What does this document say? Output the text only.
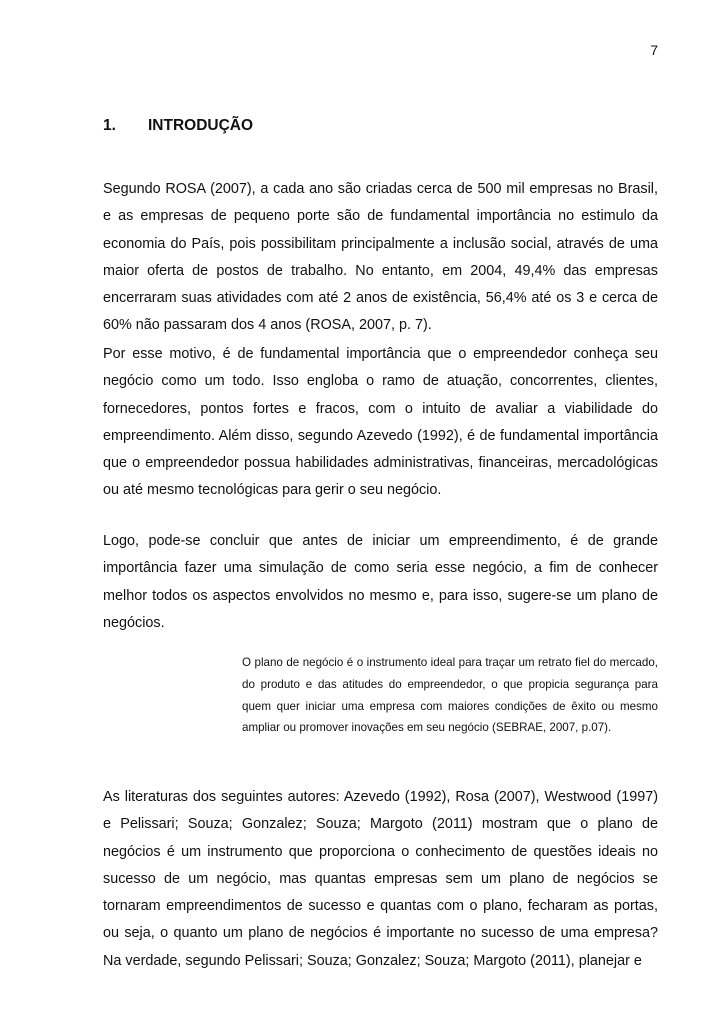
7
1.	INTRODUÇÃO

Segundo ROSA (2007), a cada ano são criadas cerca de 500 mil empresas no Brasil, e as empresas de pequeno porte são de fundamental importância no estimulo da economia do País, pois possibilitam principalmente a inclusão social, através de uma maior oferta de postos de trabalho. No entanto, em 2004, 49,4% das empresas encerraram suas atividades com até 2 anos de existência, 56,4% até os 3 e cerca de 60% não passaram dos 4 anos (ROSA, 2007, p. 7).

Por esse motivo, é de fundamental importância que o empreendedor conheça seu negócio como um todo. Isso engloba o ramo de atuação, concorrentes, clientes, fornecedores, pontos fortes e fracos, com o intuito de avaliar a viabilidade do empreendimento. Além disso, segundo Azevedo (1992), é de fundamental importância que o empreendedor possua habilidades administrativas, financeiras, mercadológicas ou até mesmo tecnológicas para gerir o seu negócio.

Logo, pode-se concluir que antes de iniciar um empreendimento, é de grande importância fazer uma simulação de como seria esse negócio, a fim de conhecer melhor todos os aspectos envolvidos no mesmo e, para isso, sugere-se um plano de negócios.

O plano de negócio é o instrumento ideal para traçar um retrato fiel do mercado, do produto e das atitudes do empreendedor, o que propicia segurança para quem quer iniciar uma empresa com maiores condições de êxito ou mesmo ampliar ou promover inovações em seu negócio (SEBRAE, 2007, p.07).

As literaturas dos seguintes autores: Azevedo (1992), Rosa (2007), Westwood (1997) e Pelissari; Souza; Gonzalez; Souza; Margoto (2011) mostram que o plano de negócios é um instrumento que proporciona o conhecimento de questões ideais no sucesso de um negócio, mas quantas empresas sem um plano de negócios se tornaram empreendimentos de sucesso e quantas com o plano, fecharam as portas, ou seja, o quanto um plano de negócios é importante no sucesso de uma empresa? Na verdade, segundo Pelissari; Souza; Gonzalez; Souza; Margoto (2011), planejar e
